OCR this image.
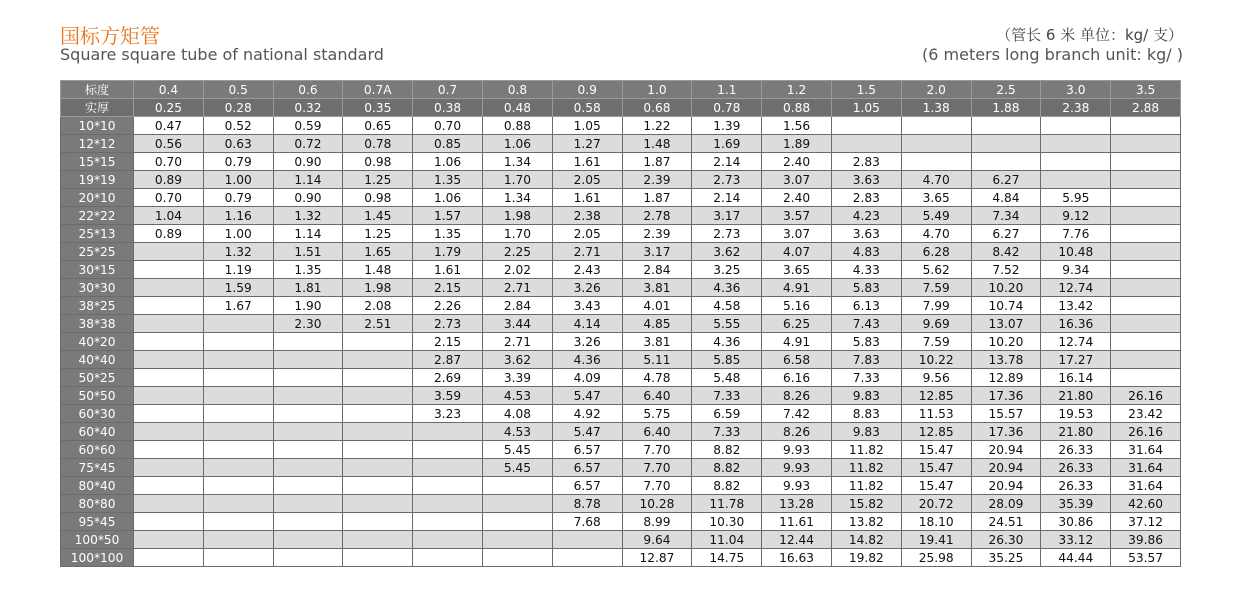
国标方矩管
Square square tube of national standard
（管长 6 米 单位：kg/ 支）
(6 meters long branch unit: kg/ )
标度	0.4	0.5	0.6	0.7A	0.7	0.8	0.9	1.0	1.1	1.2	1.5	2.0	2.5	3.0	3.5
实厚	0.25	0.28	0.32	0.35	0.38	0.48	0.58	0.68	0.78	0.88	1.05	1.38	1.88	2.38	2.88
10*10	0.47	0.52	0.59	0.65	0.70	0.88	1.05	1.22	1.39	1.56					
12*12	0.56	0.63	0.72	0.78	0.85	1.06	1.27	1.48	1.69	1.89					
15*15	0.70	0.79	0.90	0.98	1.06	1.34	1.61	1.87	2.14	2.40	2.83				
19*19	0.89	1.00	1.14	1.25	1.35	1.70	2.05	2.39	2.73	3.07	3.63	4.70	6.27		
20*10	0.70	0.79	0.90	0.98	1.06	1.34	1.61	1.87	2.14	2.40	2.83	3.65	4.84	5.95	
22*22	1.04	1.16	1.32	1.45	1.57	1.98	2.38	2.78	3.17	3.57	4.23	5.49	7.34	9.12	
25*13	0.89	1.00	1.14	1.25	1.35	1.70	2.05	2.39	2.73	3.07	3.63	4.70	6.27	7.76	
25*25		1.32	1.51	1.65	1.79	2.25	2.71	3.17	3.62	4.07	4.83	6.28	8.42	10.48	
30*15		1.19	1.35	1.48	1.61	2.02	2.43	2.84	3.25	3.65	4.33	5.62	7.52	9.34	
30*30		1.59	1.81	1.98	2.15	2.71	3.26	3.81	4.36	4.91	5.83	7.59	10.20	12.74	
38*25		1.67	1.90	2.08	2.26	2.84	3.43	4.01	4.58	5.16	6.13	7.99	10.74	13.42	
38*38			2.30	2.51	2.73	3.44	4.14	4.85	5.55	6.25	7.43	9.69	13.07	16.36	
40*20					2.15	2.71	3.26	3.81	4.36	4.91	5.83	7.59	10.20	12.74	
40*40					2.87	3.62	4.36	5.11	5.85	6.58	7.83	10.22	13.78	17.27	
50*25					2.69	3.39	4.09	4.78	5.48	6.16	7.33	9.56	12.89	16.14	
50*50					3.59	4.53	5.47	6.40	7.33	8.26	9.83	12.85	17.36	21.80	26.16
60*30					3.23	4.08	4.92	5.75	6.59	7.42	8.83	11.53	15.57	19.53	23.42
60*40						4.53	5.47	6.40	7.33	8.26	9.83	12.85	17.36	21.80	26.16
60*60						5.45	6.57	7.70	8.82	9.93	11.82	15.47	20.94	26.33	31.64
75*45						5.45	6.57	7.70	8.82	9.93	11.82	15.47	20.94	26.33	31.64
80*40							6.57	7.70	8.82	9.93	11.82	15.47	20.94	26.33	31.64
80*80							8.78	10.28	11.78	13.28	15.82	20.72	28.09	35.39	42.60
95*45							7.68	8.99	10.30	11.61	13.82	18.10	24.51	30.86	37.12
100*50								9.64	11.04	12.44	14.82	19.41	26.30	33.12	39.86
100*100								12.87	14.75	16.63	19.82	25.98	35.25	44.44	53.57
